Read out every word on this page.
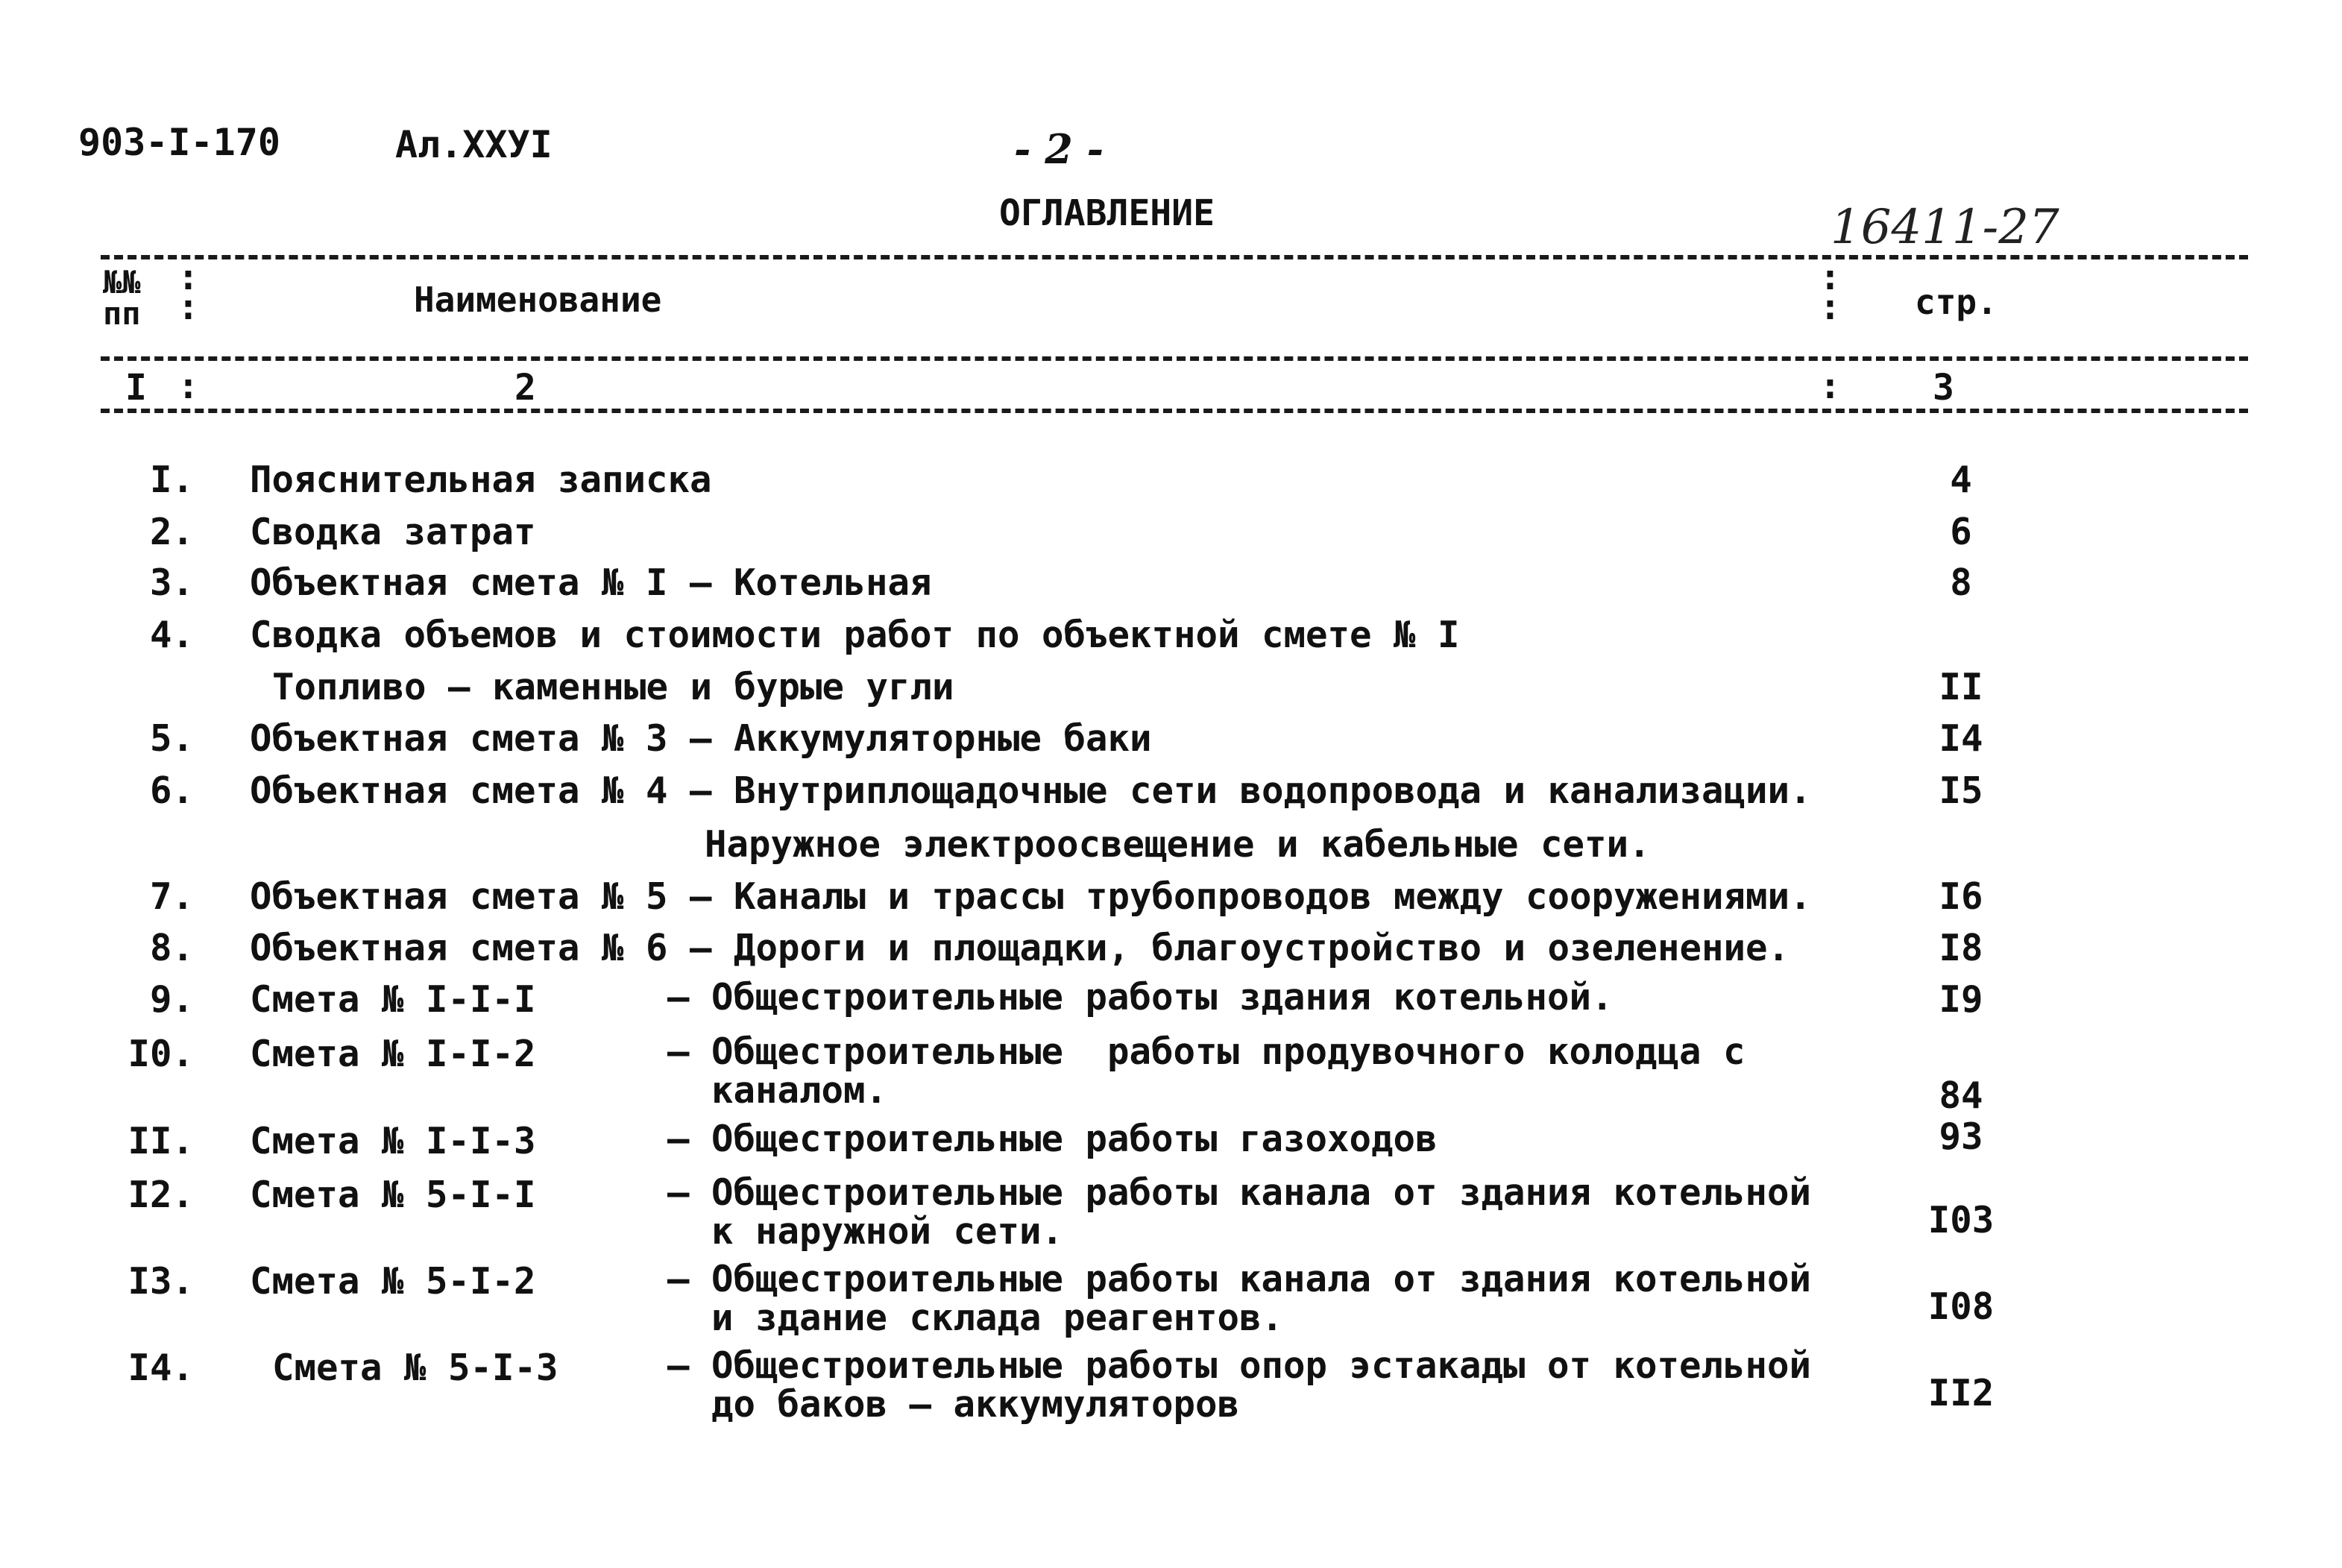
903-I-170	Ал.XXУI	- 2 -
ОГЛАВЛЕНИЕ	16411-27
№№
пп
:
:	Наименование
:
: стр.
I :	2	:	3
I. Пояснительная записка	4
2. Сводка затрат	6
3. Объектная смета № I – Котельная	8
4. Сводка объемов и стоимости работ по объектной смете № I
Топливо – каменные и бурые угли	II
5. Объектная смета № 3 – Аккумуляторные баки	I4
6. Объектная смета № 4 – Внутриплощадочные сети водопровода и канализации.	I5
Наружное электроосвещение и кабельные сети.
7. Объектная смета № 5 – Каналы и трассы трубопроводов между сооружениями.	I6
8. Объектная смета № 6 – Дороги и площадки, благоустройство и озеленение.	I8
9. Смета № I-I-I	– Общестроительные работы здания котельной.	I9
I0. Смета № I-I-2	– Общестроительные  работы продувочного колодца с
каналом.	84
II. Смета № I-I-3	– Общестроительные работы газоходов	93
I2. Смета № 5-I-I	– Общестроительные работы канала от здания котельной
к наружной сети.	I03
I3. Смета № 5-I-2	– Общестроительные работы канала от здания котельной
и здание склада реагентов.	I08
I4. Смета № 5-I-3	– Общестроительные работы опор эстакады от котельной
до баков – аккумуляторов	II2
